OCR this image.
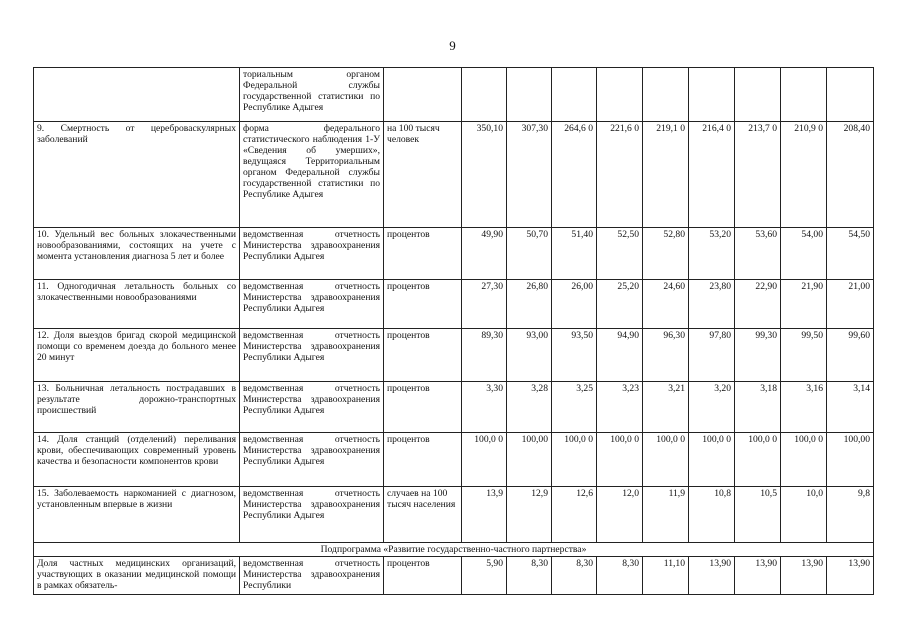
9
	ториальным органом Федеральной службы государственной статистики по Республике Адыгея										
9. Смертность от цереброваскулярных заболеваний	форма федерального статистического наблюдения 1-У «Сведения об умерших», ведущаяся Территориальным органом Федеральной службы государственной статистики по Республике Адыгея	на 100 тысяч человек	350,10	307,30	264,6 0	221,6 0	219,1 0	216,4 0	213,7 0	210,9 0	208,40
10. Удельный вес больных злокачественными новообразованиями, состоящих на учете с момента установления диагноза 5 лет и более	ведомственная отчетность Министерства здравоохранения Республики Адыгея	процентов	49,90	50,70	51,40	52,50	52,80	53,20	53,60	54,00	54,50
11. Одногодичная летальность больных со злокачественными новообразованиями	ведомственная отчетность Министерства здравоохранения Республики Адыгея	процентов	27,30	26,80	26,00	25,20	24,60	23,80	22,90	21,90	21,00
12. Доля выездов бригад скорой медицинской помощи со временем доезда до больного менее 20 минут	ведомственная отчетность Министерства здравоохранения Республики Адыгея	процентов	89,30	93,00	93,50	94,90	96,30	97,80	99,30	99,50	99,60
13. Больничная летальность пострадавших в результате дорожно-транспортных происшествий	ведомственная отчетность Министерства здравоохранения Республики Адыгея	процентов	3,30	3,28	3,25	3,23	3,21	3,20	3,18	3,16	3,14
14. Доля станций (отделений) переливания крови, обеспечивающих современный уровень качества и безопасности компонентов крови	ведомственная отчетность Министерства здравоохранения Республики Адыгея	процентов	100,0 0	100,00	100,0 0	100,0 0	100,0 0	100,0 0	100,0 0	100,0 0	100,00
15. Заболеваемость наркоманией с диагнозом, установленным впервые в жизни	ведомственная отчетность Министерства здравоохранения Республики Адыгея	случаев на 100 тысяч населения	13,9	12,9	12,6	12,0	11,9	10,8	10,5	10,0	9,8
Подпрограмма «Развитие государственно-частного партнерства»											
Доля частных медицинских организаций, участвующих в оказании медицинской помощи в рамках обязатель-	ведомственная отчетность Министерства здравоохранения Республики	процентов	5,90	8,30	8,30	8,30	11,10	13,90	13,90	13,90	13,90
